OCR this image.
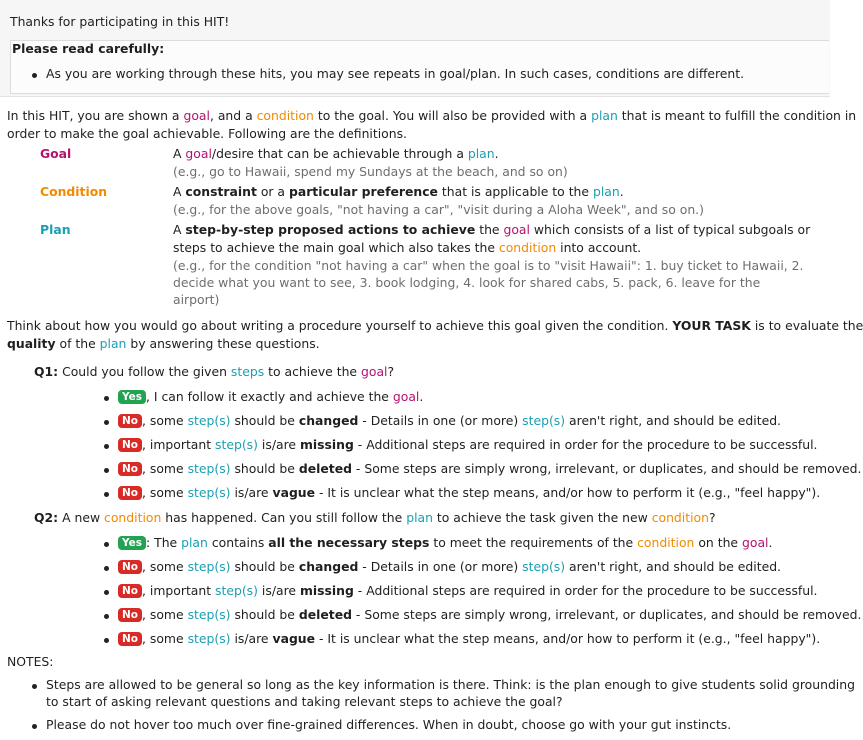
Thanks for participating in this HIT!
Please read carefully:
As you are working through these hits, you may see repeats in goal/plan. In such cases, conditions are different.
In this HIT, you are shown a goal, and a condition to the goal. You will also be provided with a plan that is meant to fulfill the condition in
order to make the goal achievable. Following are the definitions.
Goal	A goal/desire that can be achievable through a plan.
(e.g., go to Hawaii, spend my Sundays at the beach, and so on)
Condition	A constraint or a particular preference that is applicable to the plan.
(e.g., for the above goals, "not having a car", "visit during a Aloha Week", and so on.)
Plan	A step-by-step proposed actions to achieve the goal which consists of a list of typical subgoals or
steps to achieve the main goal which also takes the condition into account.
(e.g., for the condition "not having a car" when the goal is to "visit Hawaii": 1. buy ticket to Hawaii, 2.
decide what you want to see, 3. book lodging, 4. look for shared cabs, 5. pack, 6. leave for the
airport)
Think about how you would go about writing a procedure yourself to achieve this goal given the condition. YOUR TASK is to evaluate the
quality of the plan by answering these questions.
Q1: Could you follow the given steps to achieve the goal?
Yes , I can follow it exactly and achieve the goal.
No , some step(s) should be changed - Details in one (or more) step(s) aren't right, and should be edited.
No , important step(s) is/are missing - Additional steps are required in order for the procedure to be successful.
No , some step(s) should be deleted - Some steps are simply wrong, irrelevant, or duplicates, and should be removed.
No , some step(s) is/are vague - It is unclear what the step means, and/or how to perform it (e.g., "feel happy").
Q2: A new condition has happened. Can you still follow the plan to achieve the task given the new condition?
Yes : The plan contains all the necessary steps to meet the requirements of the condition on the goal.
No , some step(s) should be changed - Details in one (or more) step(s) aren't right, and should be edited.
No , important step(s) is/are missing - Additional steps are required in order for the procedure to be successful.
No , some step(s) should be deleted - Some steps are simply wrong, irrelevant, or duplicates, and should be removed.
No , some step(s) is/are vague - It is unclear what the step means, and/or how to perform it (e.g., "feel happy").
NOTES:
Steps are allowed to be general so long as the key information is there. Think: is the plan enough to give students solid grounding
to start of asking relevant questions and taking relevant steps to achieve the goal?
Please do not hover too much over fine-grained differences. When in doubt, choose go with your gut instincts.
